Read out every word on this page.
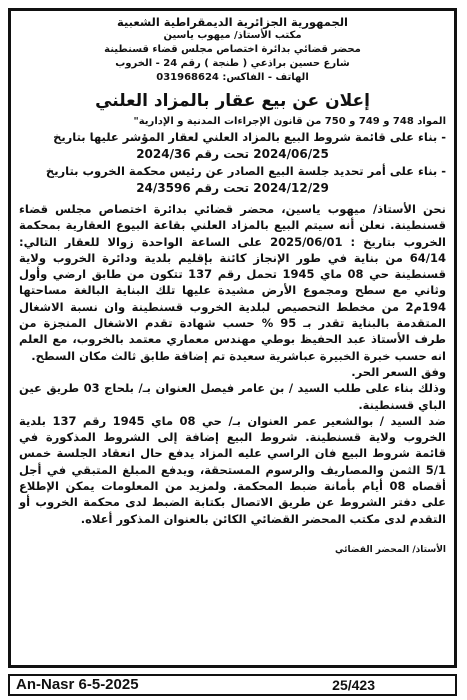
الجمهورية الجزائرية الديمقراطية الشعبية

مكتب الأستاذ/ ميهوب ياسين

محضر قضائي بدائرة اختصاص مجلس قضاء قسنطينة

شارع حسين براذعي ( طنجة ) رقم 24 - الخروب

الهاتف - الفاكس: 031968624

إعلان عن بيع عقار بالمزاد العلني
المواد 748 و 749 و 750 من قانون الإجراءات المدنية و الإدارية"
- بناء على قائمة شروط البيع بالمزاد العلني لعقار المؤشر عليها بتاريخ
2024/06/25 تحت رقم 2024/36
- بناء على أمر تحديد جلسة البيع الصادر عن رئيس محكمة الخروب بتاريخ
2024/12/29 تحت رقم 24/3596
نحن الأستاذ/ ميهوب ياسين، محضر قضائي بدائرة اختصاص مجلس قضاء قسنطينة. نعلن أنه سيتم البيع بالمزاد العلني بقاعة البيوع العقارية بمحكمة الخروب بتاريخ : 2025/06/01 على الساعة الواحدة زوالا للعقار التالي: 64/14 من بناية في طور الإنجاز كائنة بإقليم بلدية ودائرة الخروب ولاية قسنطينة حي 08 ماي 1945 تحمل رقم 137 تتكون من طابق ارضي وأول وثاني مع سطح ومجموع الأرض مشيدة عليها تلك البناية البالغة مساحتها 194م2 من مخطط التحصيص لبلدية الخروب قسنطينة وان نسبة الاشغال المتقدمة بالبناية تقدر بـ 95 % حسب شهادة تقدم الاشغال المنجزة من طرف الأستاذ عبد الحفيظ بوطي مهندس معماري معتمد بالخروب، مع العلم انه حسب خبرة الخبيرة عباشرية سعيدة تم إضافة طابق ثالث مكان السطح.
وفق السعر الحر.
وذلك بناء على طلب السيد / بن عامر فيصل العنوان بـ/ بلحاج 03 طريق عين الباي قسنطينة.
ضد السيد / بوالشعير عمر العنوان بـ/ حي 08 ماي 1945 رقم 137 بلدية الخروب ولاية قسنطينة. شروط البيع إضافة إلى الشروط المذكورة في قائمة شروط البيع فان الراسي عليه المزاد يدفع حال انعقاد الجلسة خمس 5/1 الثمن والمصاريف والرسوم المستحقة، ويدفع المبلغ المتبقي في أجل أقصاه 08 أيام بأمانة ضبط المحكمة. ولمزيد من المعلومات يمكن الإطلاع على دفتر الشروط عن طريق الاتصال بكتابة الضبط لدى محكمة الخروب أو التقدم لدى مكتب المحضر القضائي الكائن بالعنوان المذكور أعلاه.
الأستاذ/ المحضر القضائي
An-Nasr 6-5-2025	25/423
